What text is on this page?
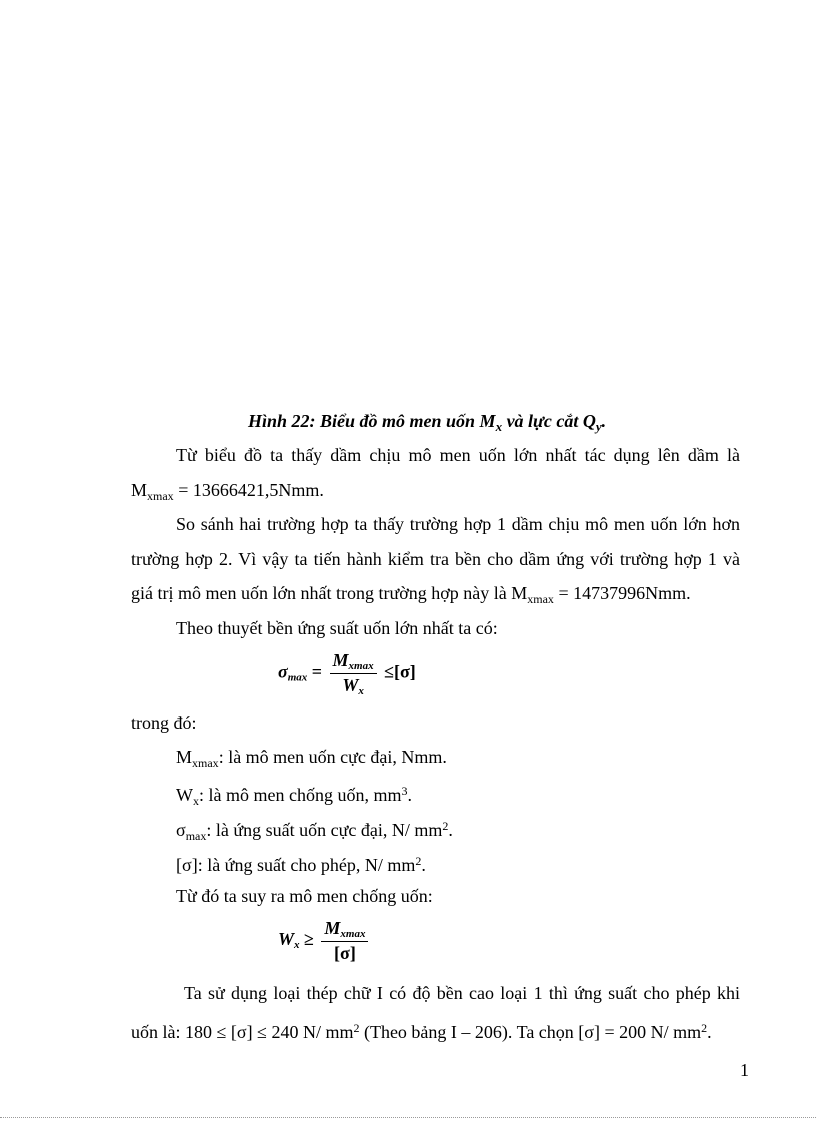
Hình 22: Biểu đồ mô men uốn $M_x$ và lực cắt $Q_y$.
Từ biểu đồ ta thấy dầm chịu mô men uốn lớn nhất tác dụng lên dầm là
$M_{xmax} = 13666421,5Nmm$.
So sánh hai trường hợp ta thấy trường hợp 1 dầm chịu mô men uốn lớn hơn
trường hợp 2. Vì vậy ta tiến hành kiểm tra bền cho dầm ứng với trường hợp 1 và
giá trị mô men uốn lớn nhất trong trường hợp này là $M_{xmax} = 14737996Nmm$.
Theo thuyết bền ứng suất uốn lớn nhất ta có:
$\sigma_{max} = \frac{M_{xmax}}{W_x} \le[\sigma]$
trong đó:
$M_{xmax}$: là mô men uốn cực đại, Nmm.
$W_x$: là mô men chống uốn, $mm^3$.
$\sigma_{max}$: là ứng suất uốn cực đại, N/ $mm^2$.
[σ]: là ứng suất cho phép, N/ $mm^2$.
Từ đó ta suy ra mô men chống uốn:
$W_x \ge \frac{M_{xmax}}{[\sigma]}$
Ta sử dụng loại thép chữ I có độ bền cao loại 1 thì ứng suất cho phép khi
uốn là: 180 ≤ [σ] ≤ 240 N/ $mm^2$ (Theo bảng I – 206). Ta chọn [σ] = 200 N/ $mm^2$.
1
